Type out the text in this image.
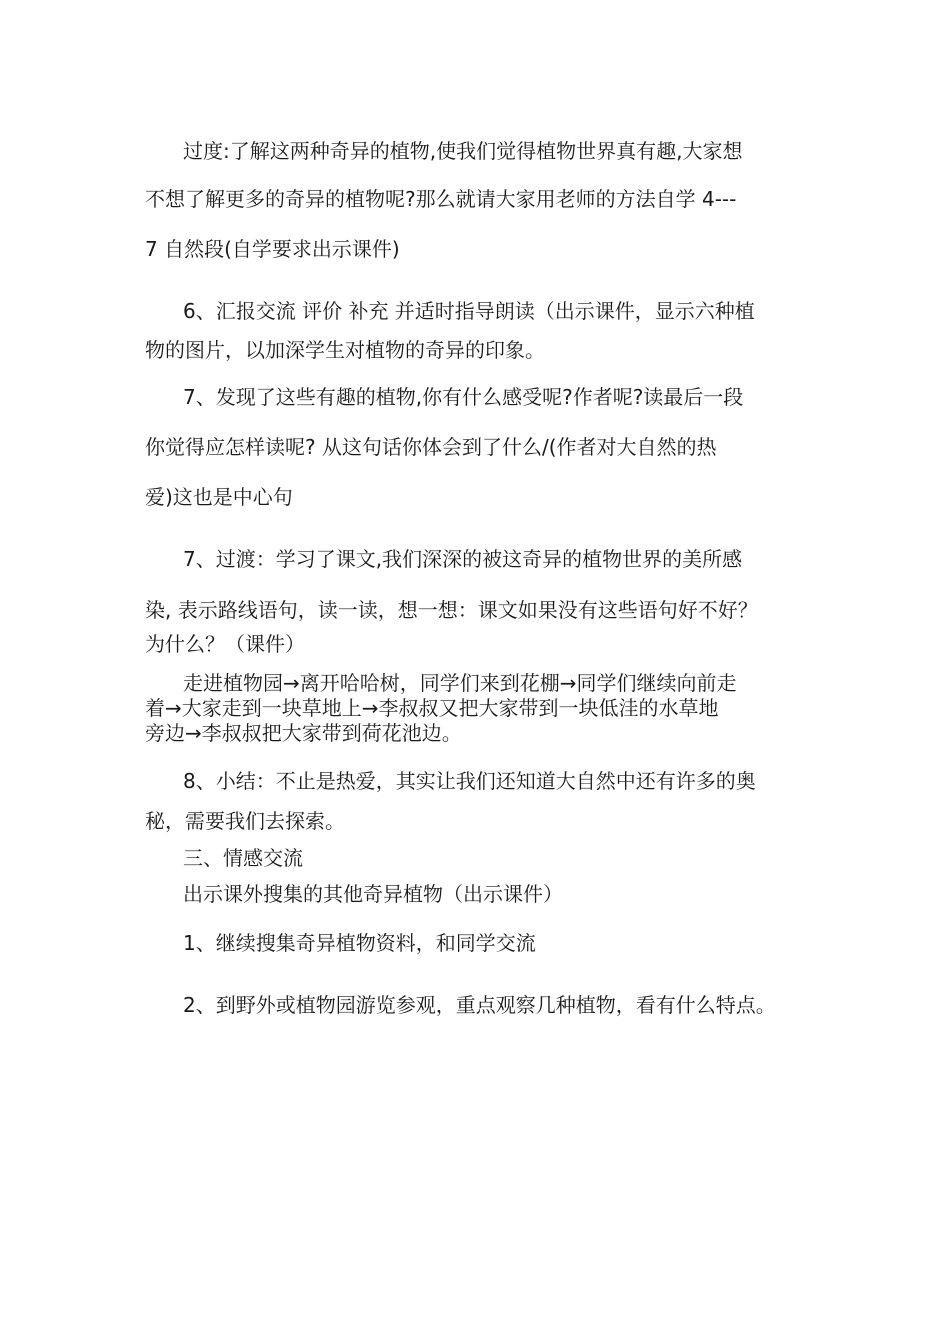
过度:了解这两种奇异的植物,使我们觉得植物世界真有趣,大家想
不想了解更多的奇异的植物呢?那么就请大家用老师的方法自学 4---
7 自然段(自学要求出示课件)
6、汇报交流 评价 补充 并适时指导朗读（出示课件，显示六种植
物的图片，以加深学生对植物的奇异的印象。
7、发现了这些有趣的植物,你有什么感受呢?作者呢?读最后一段
你觉得应怎样读呢? 从这句话你体会到了什么/(作者对大自然的热
爱)这也是中心句
7、过渡：学习了课文,我们深深的被这奇异的植物世界的美所感
染, 表示路线语句，读一读，想一想：课文如果没有这些语句好不好？
为什么？（课件）
走进植物园→离开哈哈树，同学们来到花棚→同学们继续向前走
着→大家走到一块草地上→李叔叔又把大家带到一块低洼的水草地
旁边→李叔叔把大家带到荷花池边。
8、小结：不止是热爱，其实让我们还知道大自然中还有许多的奥
秘，需要我们去探索。
三、情感交流
出示课外搜集的其他奇异植物（出示课件）
1、继续搜集奇异植物资料，和同学交流
2、到野外或植物园游览参观，重点观察几种植物，看有什么特点。
